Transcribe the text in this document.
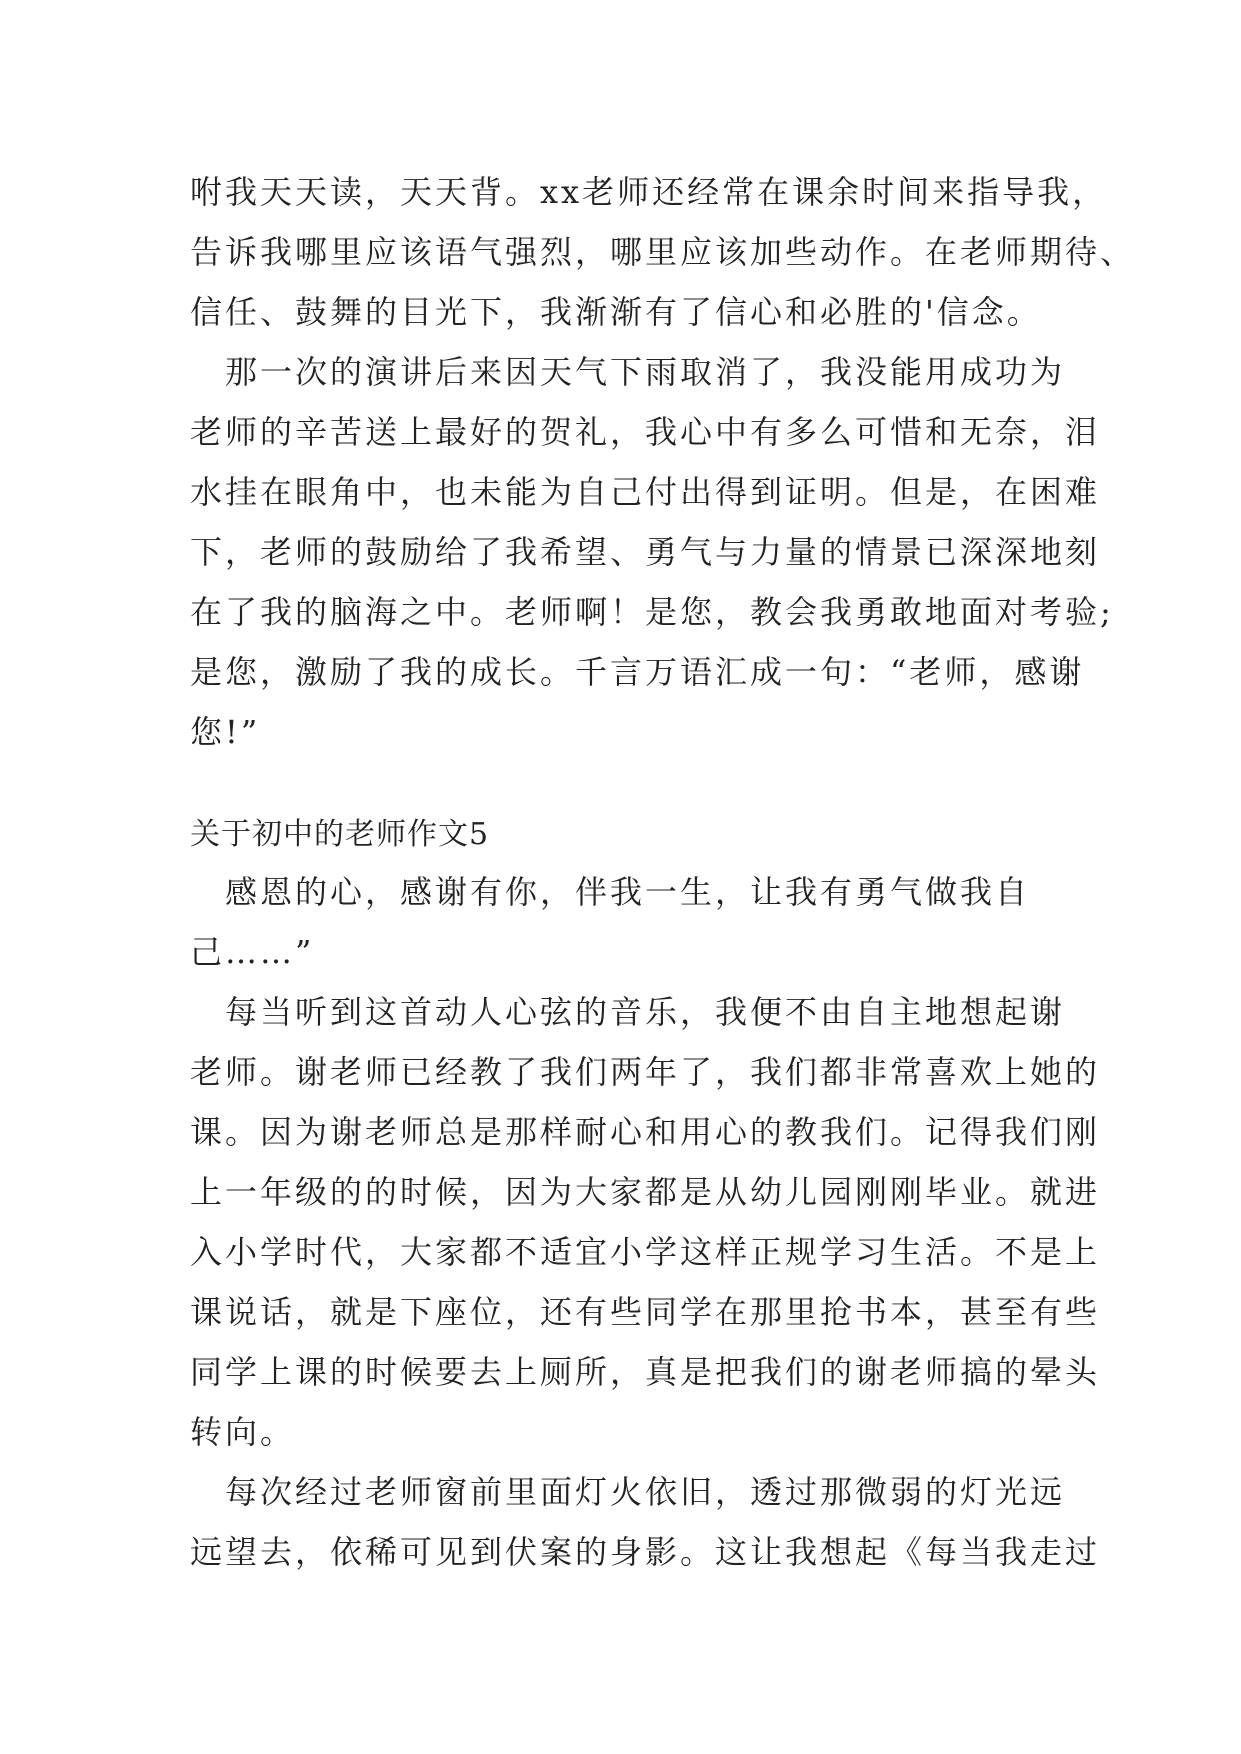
咐我天天读，天天背。xx老师还经常在课余时间来指导我，
告诉我哪里应该语气强烈，哪里应该加些动作。在老师期待、
信任、鼓舞的目光下，我渐渐有了信心和必胜的'信念。
　那一次的演讲后来因天气下雨取消了，我没能用成功为
老师的辛苦送上最好的贺礼，我心中有多么可惜和无奈，泪
水挂在眼角中，也未能为自己付出得到证明。但是，在困难
下，老师的鼓励给了我希望、勇气与力量的情景已深深地刻
在了我的脑海之中。老师啊！是您，教会我勇敢地面对考验;
是您，激励了我的成长。千言万语汇成一句：“老师，感谢
您!”
关于初中的老师作文5
　感恩的心，感谢有你，伴我一生，让我有勇气做我自
己……”
　每当听到这首动人心弦的音乐，我便不由自主地想起谢
老师。谢老师已经教了我们两年了，我们都非常喜欢上她的
课。因为谢老师总是那样耐心和用心的教我们。记得我们刚
上一年级的的时候，因为大家都是从幼儿园刚刚毕业。就进
入小学时代，大家都不适宜小学这样正规学习生活。不是上
课说话，就是下座位，还有些同学在那里抢书本，甚至有些
同学上课的时候要去上厕所，真是把我们的谢老师搞的晕头
转向。
　每次经过老师窗前里面灯火依旧，透过那微弱的灯光远
远望去，依稀可见到伏案的身影。这让我想起《每当我走过
